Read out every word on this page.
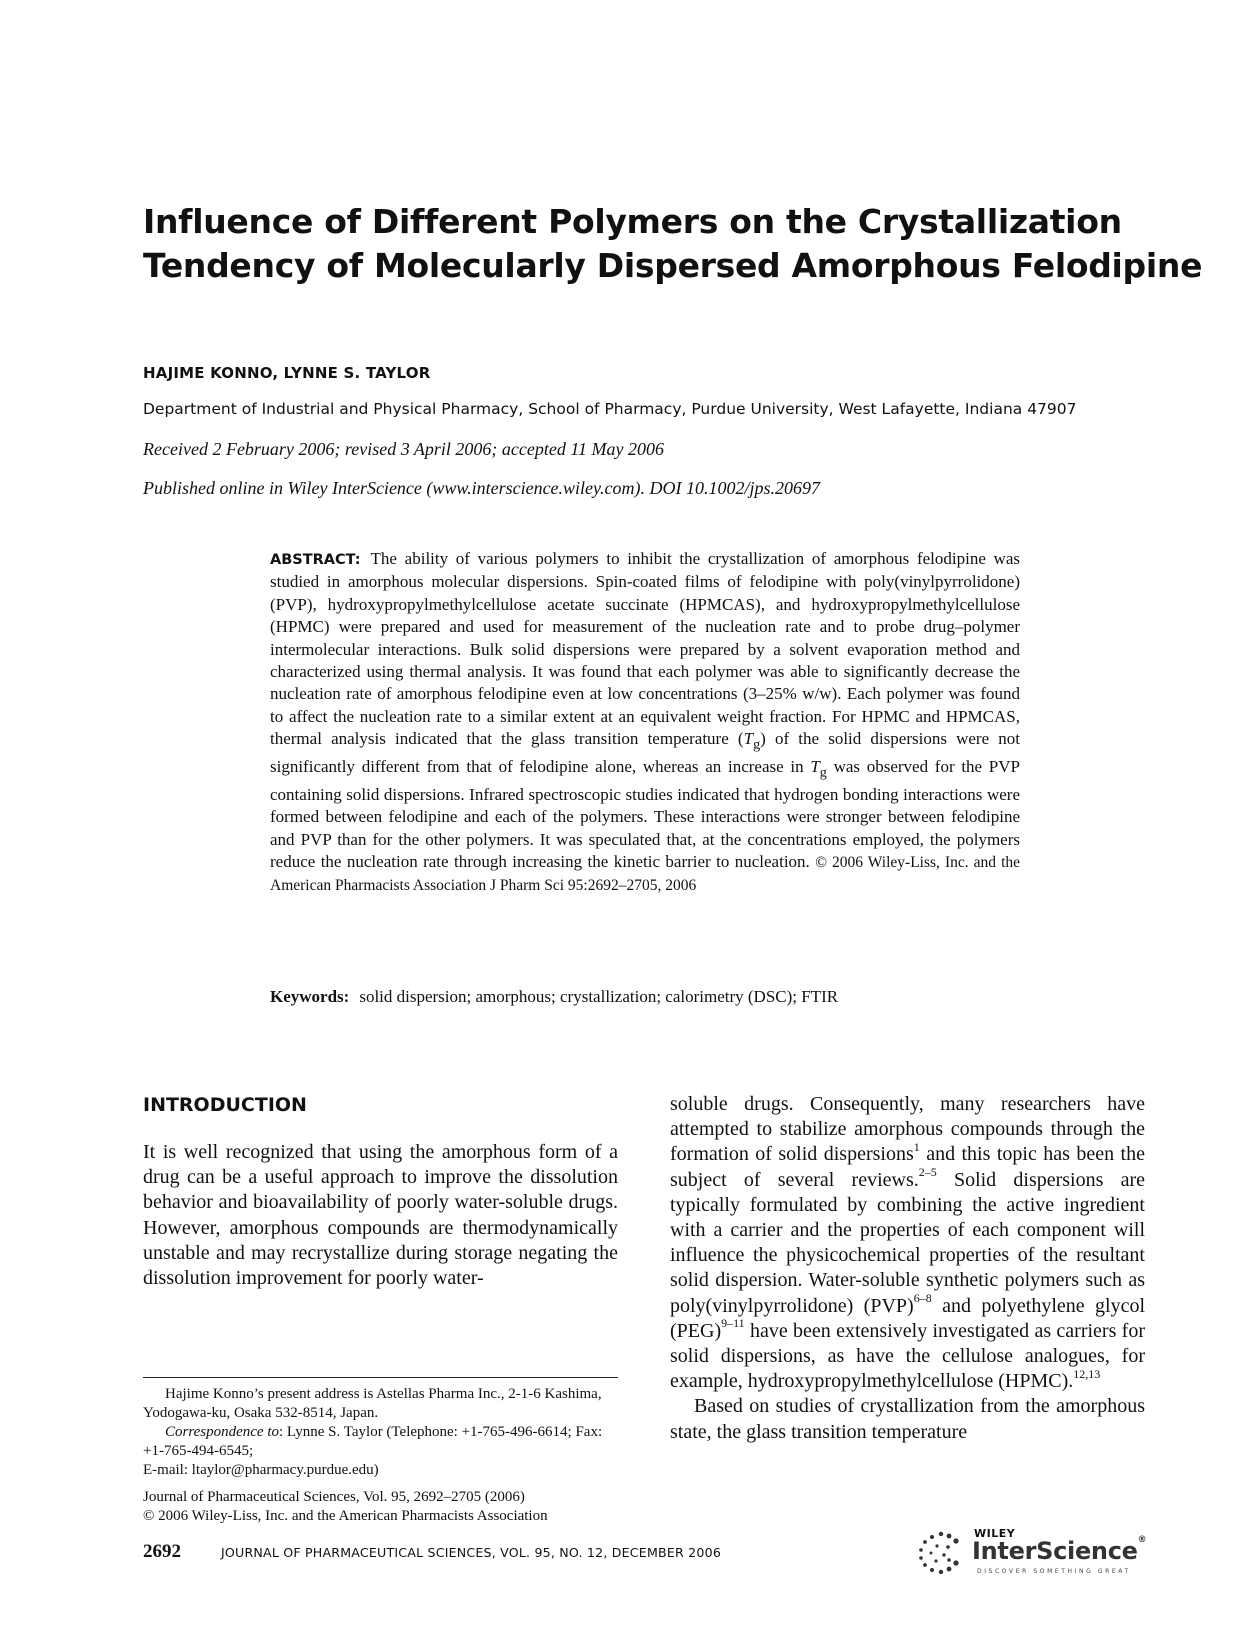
Influence of Different Polymers on the Crystallization
Tendency of Molecularly Dispersed Amorphous Felodipine
HAJIME KONNO, LYNNE S. TAYLOR
Department of Industrial and Physical Pharmacy, School of Pharmacy, Purdue University, West Lafayette, Indiana 47907
Received 2 February 2006; revised 3 April 2006; accepted 11 May 2006
Published online in Wiley InterScience (www.interscience.wiley.com). DOI 10.1002/jps.20697
ABSTRACT: The ability of various polymers to inhibit the crystallization of amorphous felodipine was studied in amorphous molecular dispersions. Spin-coated films of felodipine with poly(vinylpyrrolidone) (PVP), hydroxypropylmethylcellulose acetate succinate (HPMCAS), and hydroxypropylmethylcellulose (HPMC) were prepared and used for measurement of the nucleation rate and to probe drug–polymer intermolecular interactions. Bulk solid dispersions were prepared by a solvent evaporation method and characterized using thermal analysis. It was found that each polymer was able to significantly decrease the nucleation rate of amorphous felodipine even at low concentrations (3–25% w/w). Each polymer was found to affect the nucleation rate to a similar extent at an equivalent weight fraction. For HPMC and HPMCAS, thermal analysis indicated that the glass transition temperature $(T_g)$ of the solid dispersions were not significantly different from that of felodipine alone, whereas an increase in $T_g$ was observed for the PVP containing solid dispersions. Infrared spectroscopic studies indicated that hydrogen bonding interactions were formed between felodipine and each of the polymers. These interactions were stronger between felodipine and PVP than for the other polymers. It was speculated that, at the concentrations employed, the polymers reduce the nucleation rate through increasing the kinetic barrier to nucleation. © 2006 Wiley-Liss, Inc. and the American Pharmacists Association J Pharm Sci 95:2692–2705, 2006
Keywords: solid dispersion; amorphous; crystallization; calorimetry (DSC); FTIR
INTRODUCTION
It is well recognized that using the amorphous form of a drug can be a useful approach to improve the dissolution behavior and bioavailability of poorly water-soluble drugs. However, amorphous compounds are thermodynamically unstable and may recrystallize during storage negating the dissolution improvement for poorly water-

Hajime Konno’s present address is Astellas Pharma Inc., 2-1-6 Kashima, Yodogawa-ku, Osaka 532-8514, Japan.

Correspondence to: Lynne S. Taylor (Telephone: +1-765-496-6614; Fax: +1-765-494-6545;

E-mail: ltaylor@pharmacy.purdue.edu)

Journal of Pharmaceutical Sciences, Vol. 95, 2692–2705 (2006)

© 2006 Wiley-Liss, Inc. and the American Pharmacists Association

soluble drugs. Consequently, many researchers have attempted to stabilize amorphous compounds through the formation of solid dispersions$^1$ and this topic has been the subject of several reviews.$^{2-5}$ Solid dispersions are typically formulated by combining the active ingredient with a carrier and the properties of each component will influence the physicochemical properties of the resultant solid dispersion. Water-soluble synthetic polymers such as poly(vinylpyrrolidone) (PVP)$^{6-8}$ and polyethylene glycol (PEG)$^{9-11}$ have been extensively investigated as carriers for solid dispersions, as have the cellulose analogues, for example, hydroxypropylmethylcellulose (HPMC).$^{12,13}$

Based on studies of crystallization from the amorphous state, the glass transition temperature

2692	JOURNAL OF PHARMACEUTICAL SCIENCES, VOL. 95, NO. 12, DECEMBER 2006
WILEY
InterScience®
DISCOVER SOMETHING GREAT
